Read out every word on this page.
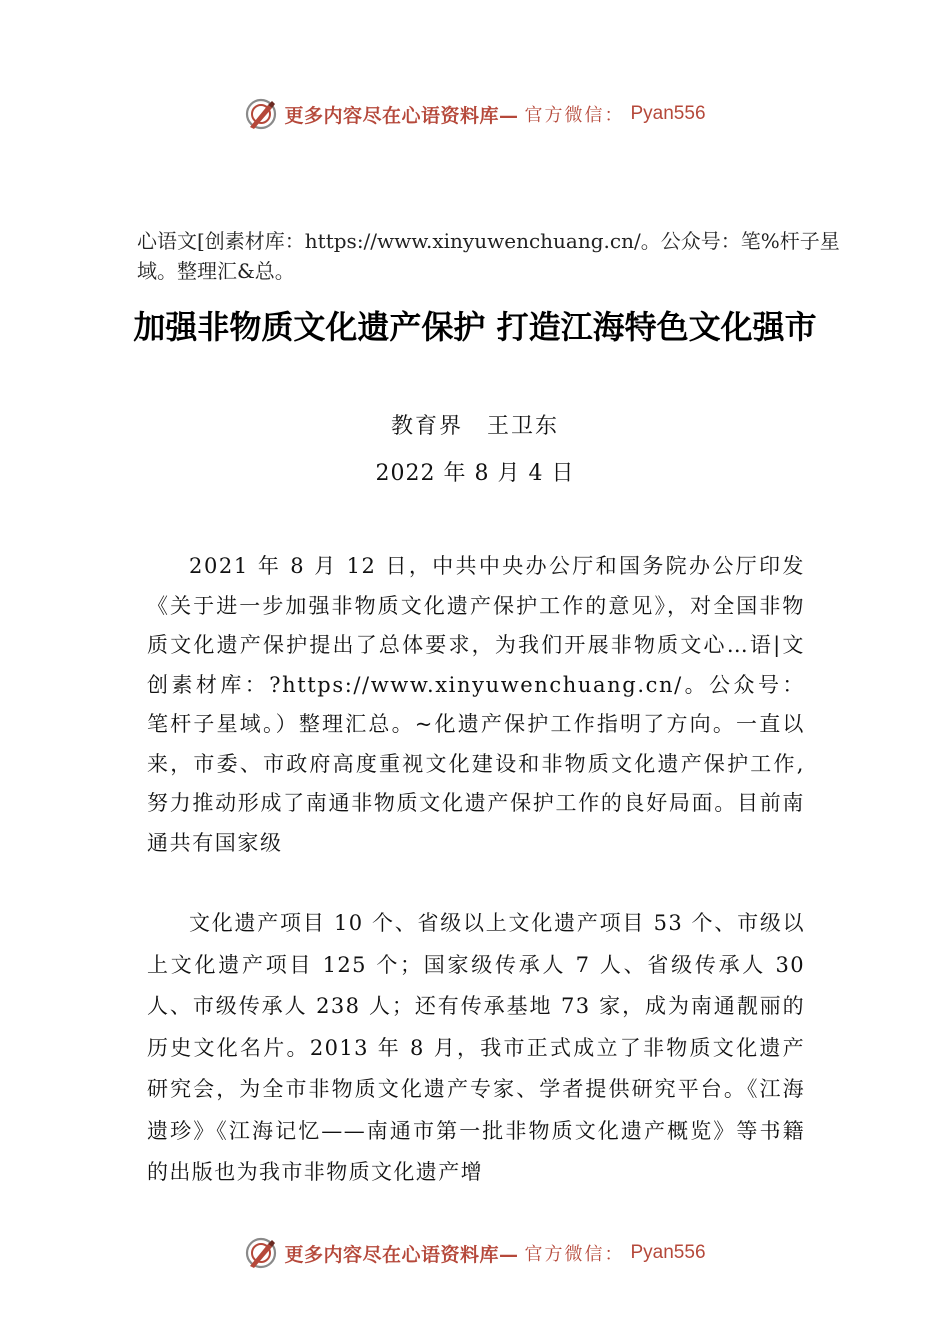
更多内容尽在心语资料库— 官方微信： Pyan556
心语文[创素材库：https://www.xinyuwenchuang.cn/。公众号：笔%杆子星域。整理汇&总。
加强非物质文化遗产保护 打造江海特色文化强市
教育界　王卫东
2022 年 8 月 4 日

2021 年 8 月 12 日，中共中央办公厅和国务院办公厅印发《关于进一步加强非物质文化遗产保护工作的意见》，对全国非物质文化遗产保护提出了总体要求，为我们开展非物质文心…语|文创素材库：?https://www.xinyuwenchuang.cn/。公众号：笔杆子星域。）整理汇总。~化遗产保护工作指明了方向。一直以来，市委、市政府高度重视文化建设和非物质文化遗产保护工作,努力推动形成了南通非物质文化遗产保护工作的良好局面。目前南通共有国家级

文化遗产项目 10 个、省级以上文化遗产项目 53 个、市级以上文化遗产项目 125 个；国家级传承人 7 人、省级传承人 30 人、市级传承人 238 人；还有传承基地 73 家，成为南通靓丽的历史文化名片。2013 年 8 月，我市正式成立了非物质文化遗产研究会，为全市非物质文化遗产专家、学者提供研究平台。《江海遗珍》《江海记忆——南通市第一批非物质文化遗产概览》等书籍的出版也为我市非物质文化遗产增

更多内容尽在心语资料库— 官方微信： Pyan556
